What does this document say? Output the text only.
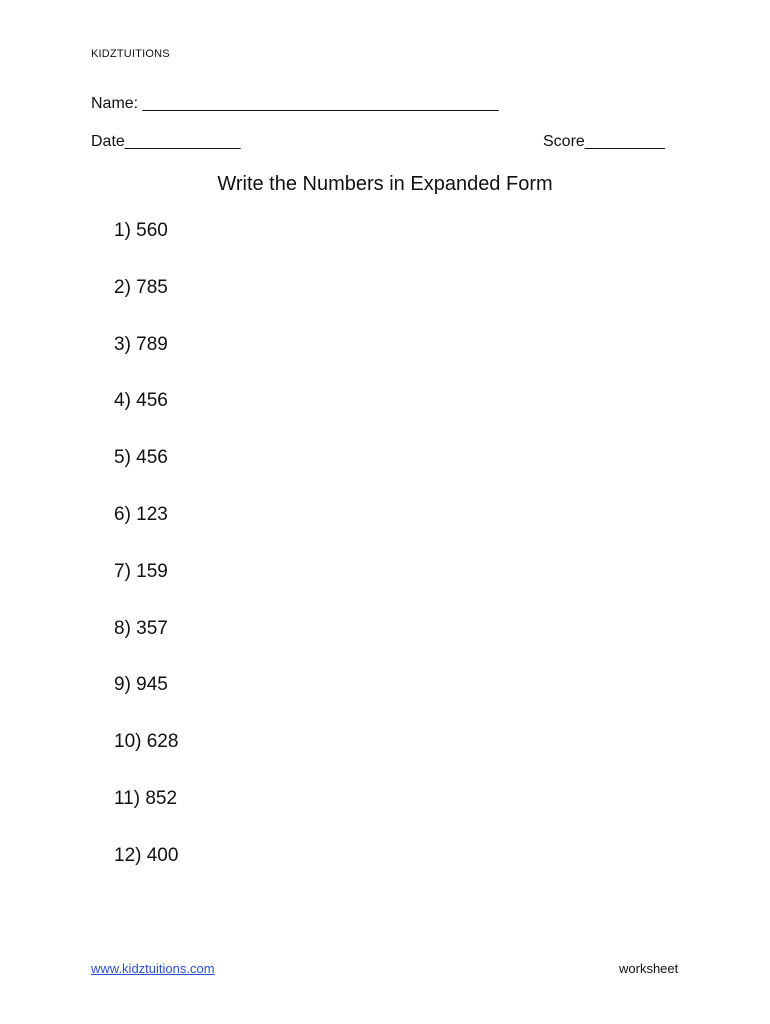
KIDZTUITIONS
Name: ________________________________________
Date_____________	Score_________
Write the Numbers in Expanded Form
1) 560
2) 785
3) 789
4) 456
5) 456
6) 123
7) 159
8) 357
9) 945
10) 628
11) 852
12) 400
www.kidztuitions.com	worksheet
